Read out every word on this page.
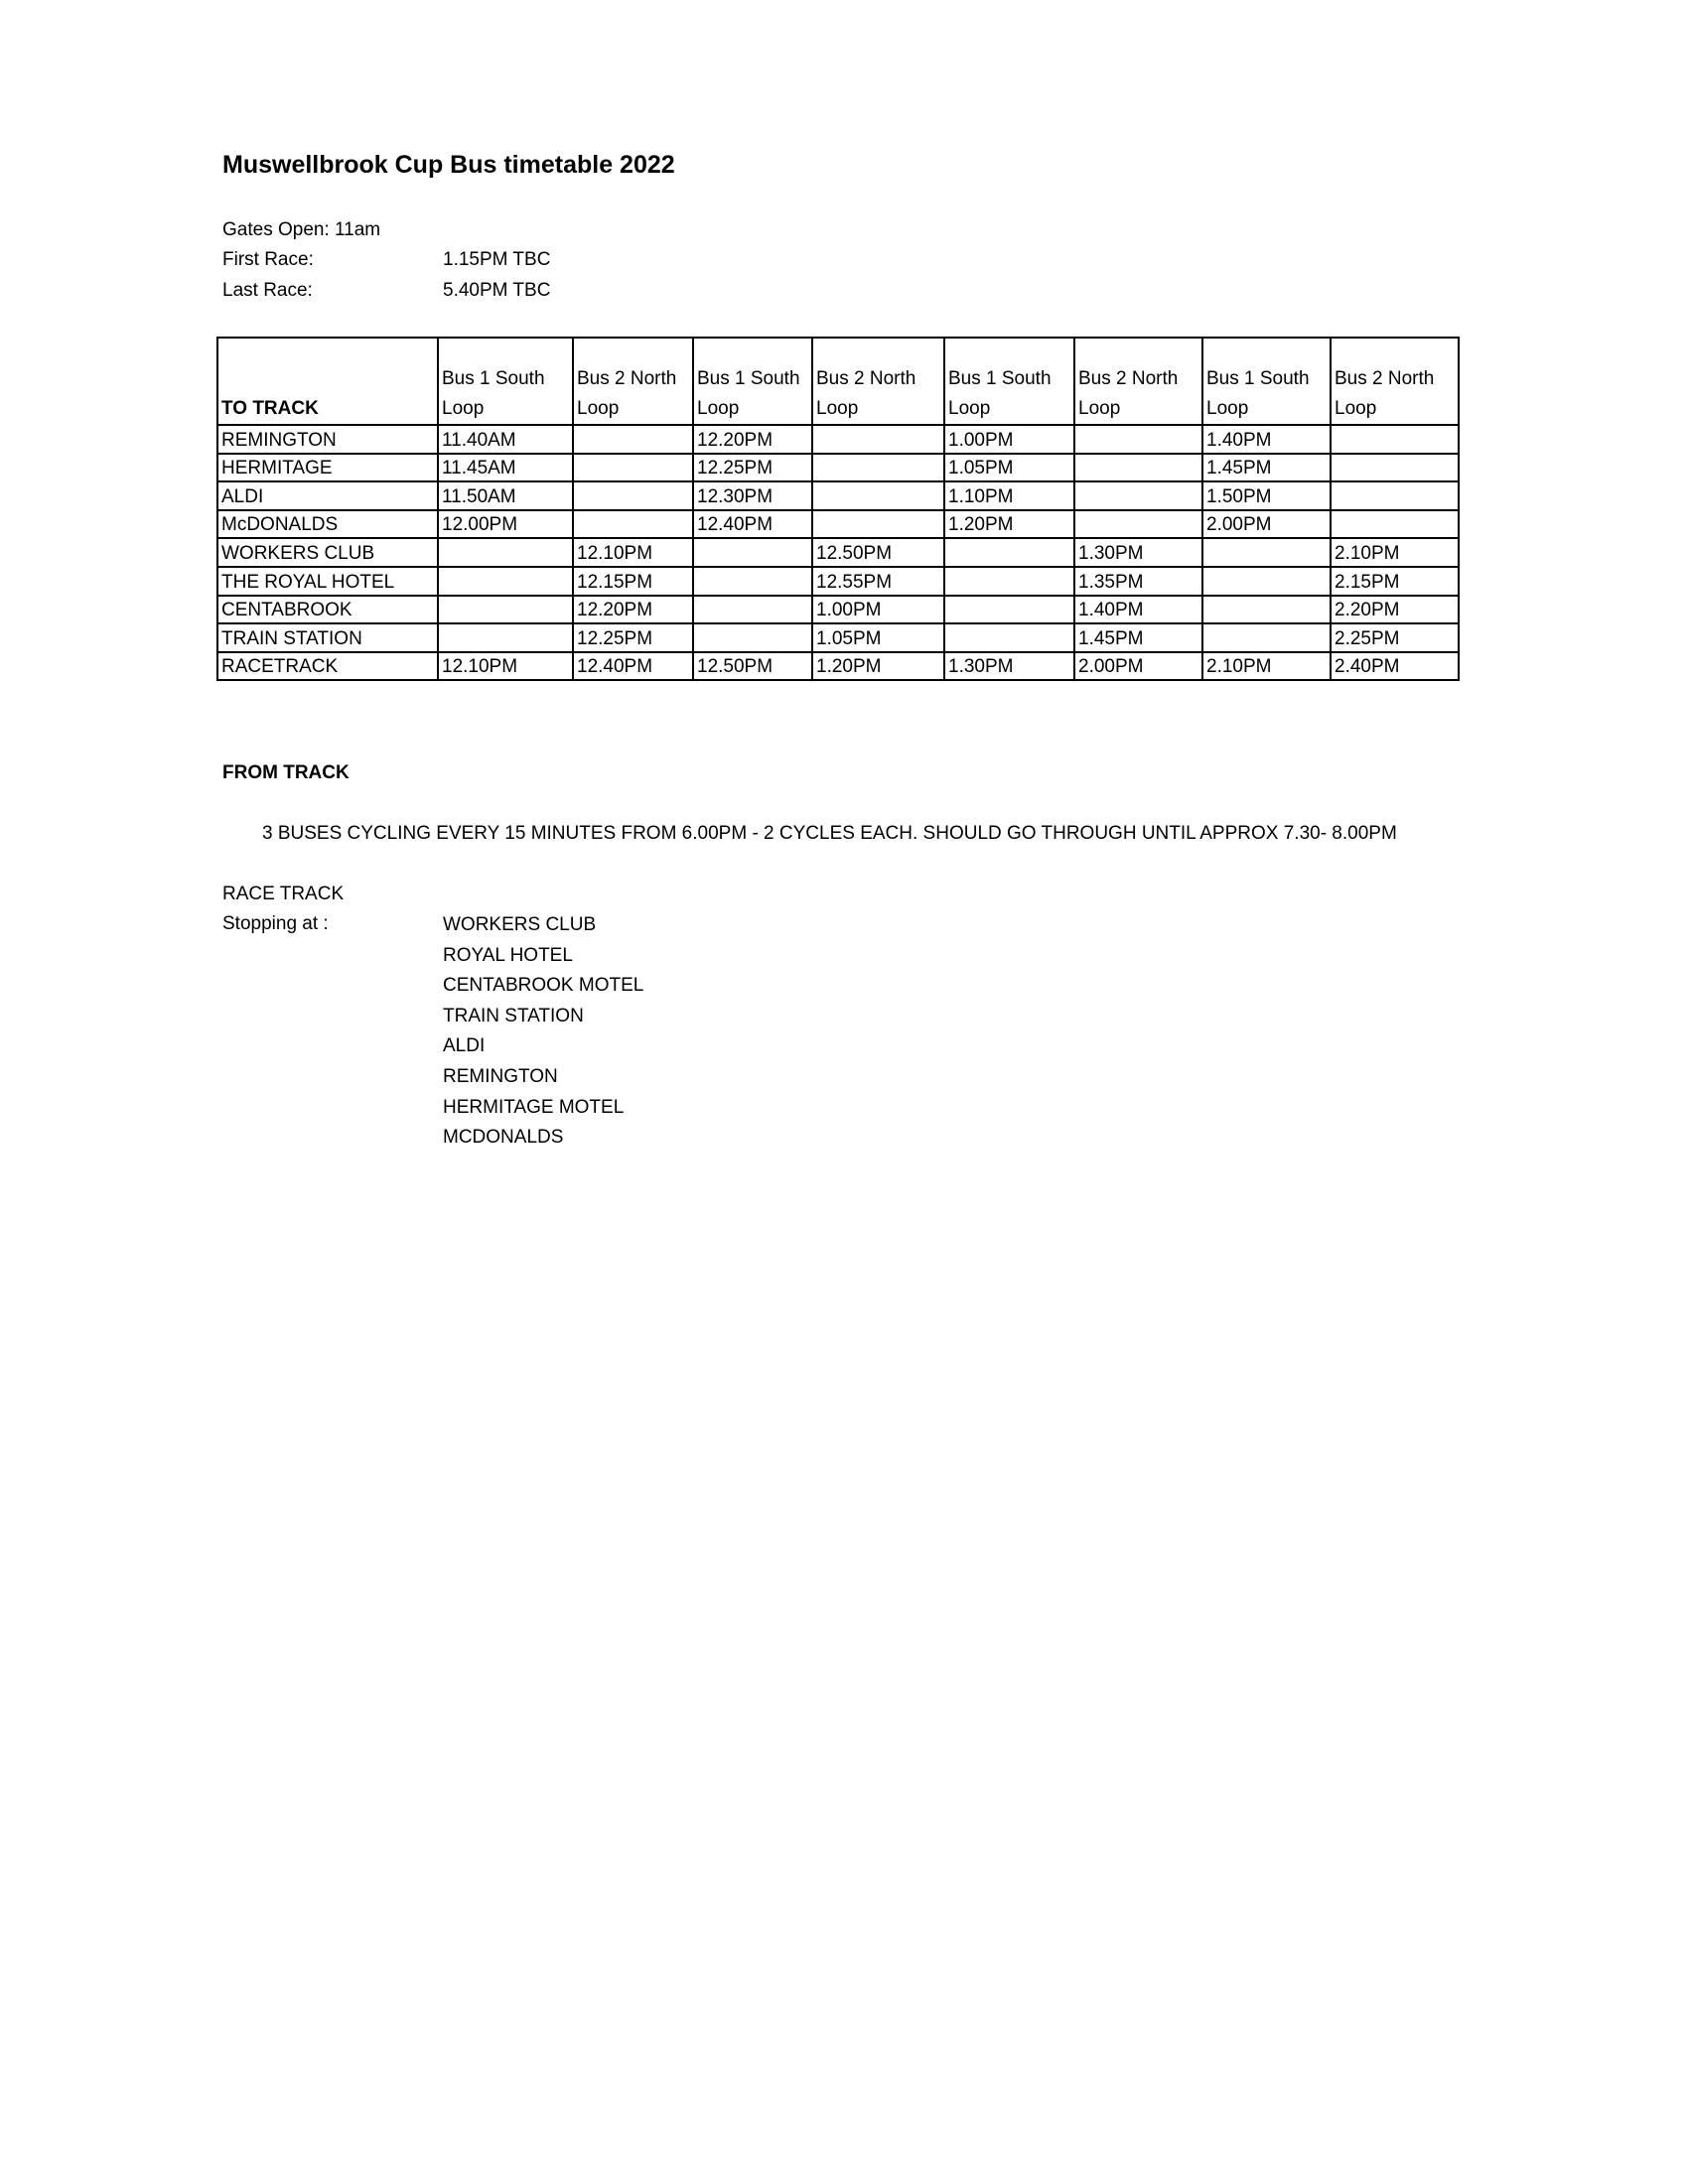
Muswellbrook Cup Bus timetable 2022
Gates Open: 11am
First Race:	1.15PM TBC
Last Race:	5.40PM TBC
TO TRACK	Bus 1 South Loop	Bus 2 North Loop	Bus 1 South Loop	Bus 2 North Loop	Bus 1 South Loop	Bus 2 North Loop	Bus 1 South Loop	Bus 2 North Loop
REMINGTON	11.40AM		12.20PM		1.00PM		1.40PM	
HERMITAGE	11.45AM		12.25PM		1.05PM		1.45PM	
ALDI	11.50AM		12.30PM		1.10PM		1.50PM	
McDONALDS	12.00PM		12.40PM		1.20PM		2.00PM	
WORKERS CLUB		12.10PM		12.50PM		1.30PM		2.10PM
THE ROYAL HOTEL		12.15PM		12.55PM		1.35PM		2.15PM
CENTABROOK		12.20PM		1.00PM		1.40PM		2.20PM
TRAIN STATION		12.25PM		1.05PM		1.45PM		2.25PM
RACETRACK	12.10PM	12.40PM	12.50PM	1.20PM	1.30PM	2.00PM	2.10PM	2.40PM
FROM TRACK
3 BUSES CYCLING EVERY 15 MINUTES FROM 6.00PM - 2 CYCLES EACH. SHOULD GO THROUGH UNTIL APPROX 7.30- 8.00PM
RACE TRACK
Stopping at :	WORKERS CLUB
ROYAL HOTEL
CENTABROOK MOTEL
TRAIN STATION
ALDI
REMINGTON
HERMITAGE MOTEL
MCDONALDS
